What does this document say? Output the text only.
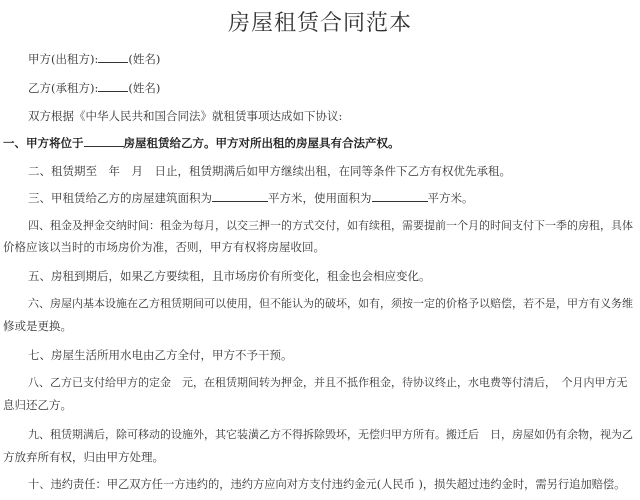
房屋租赁合同范本

甲方(出租方):	(姓名)

乙方(承租方):	(姓名)

双方根据《中华人民共和国合同法》就租赁事项达成如下协议:

一、甲方将位于	房屋租赁给乙方。甲方对所出租的房屋具有合法产权。

二、租赁期至　年　月　日止，租赁期满后如甲方继续出租，在同等条件下乙方有权优先承租。

三、甲租赁给乙方的房屋建筑面积为	平方米，使用面积为	平方米。

四、租金及押金交纳时间：租金为每月，以交三押一的方式交付，如有续租，需要提前一个月的时间支付下一季的房租，具体

价格应该以当时的市场房价为准，否则，甲方有权将房屋收回。

五、房租到期后，如果乙方要续租，且市场房价有所变化，租金也会相应变化。

六、房屋内基本设施在乙方租赁期间可以使用，但不能认为的破坏，如有，须按一定的价格予以赔偿，若不是，甲方有义务维

修或是更换。

七、房屋生活所用水电由乙方全付，甲方不予干预。

八、乙方已支付给甲方的定金　元，在租赁期间转为押金，并且不抵作租金，待协议终止，水电费等付清后，　个月内甲方无

息归还乙方。

九、租赁期满后，除可移动的设施外，其它装潢乙方不得拆除毁坏，无偿归甲方所有。搬迁后　日，房屋如仍有余物，视为乙

方放弃所有权，归由甲方处理。

十、违约责任：甲乙双方任一方违约的，违约方应向对方支付违约金元(人民币 )，损失超过违约金时，需另行追加赔偿。
